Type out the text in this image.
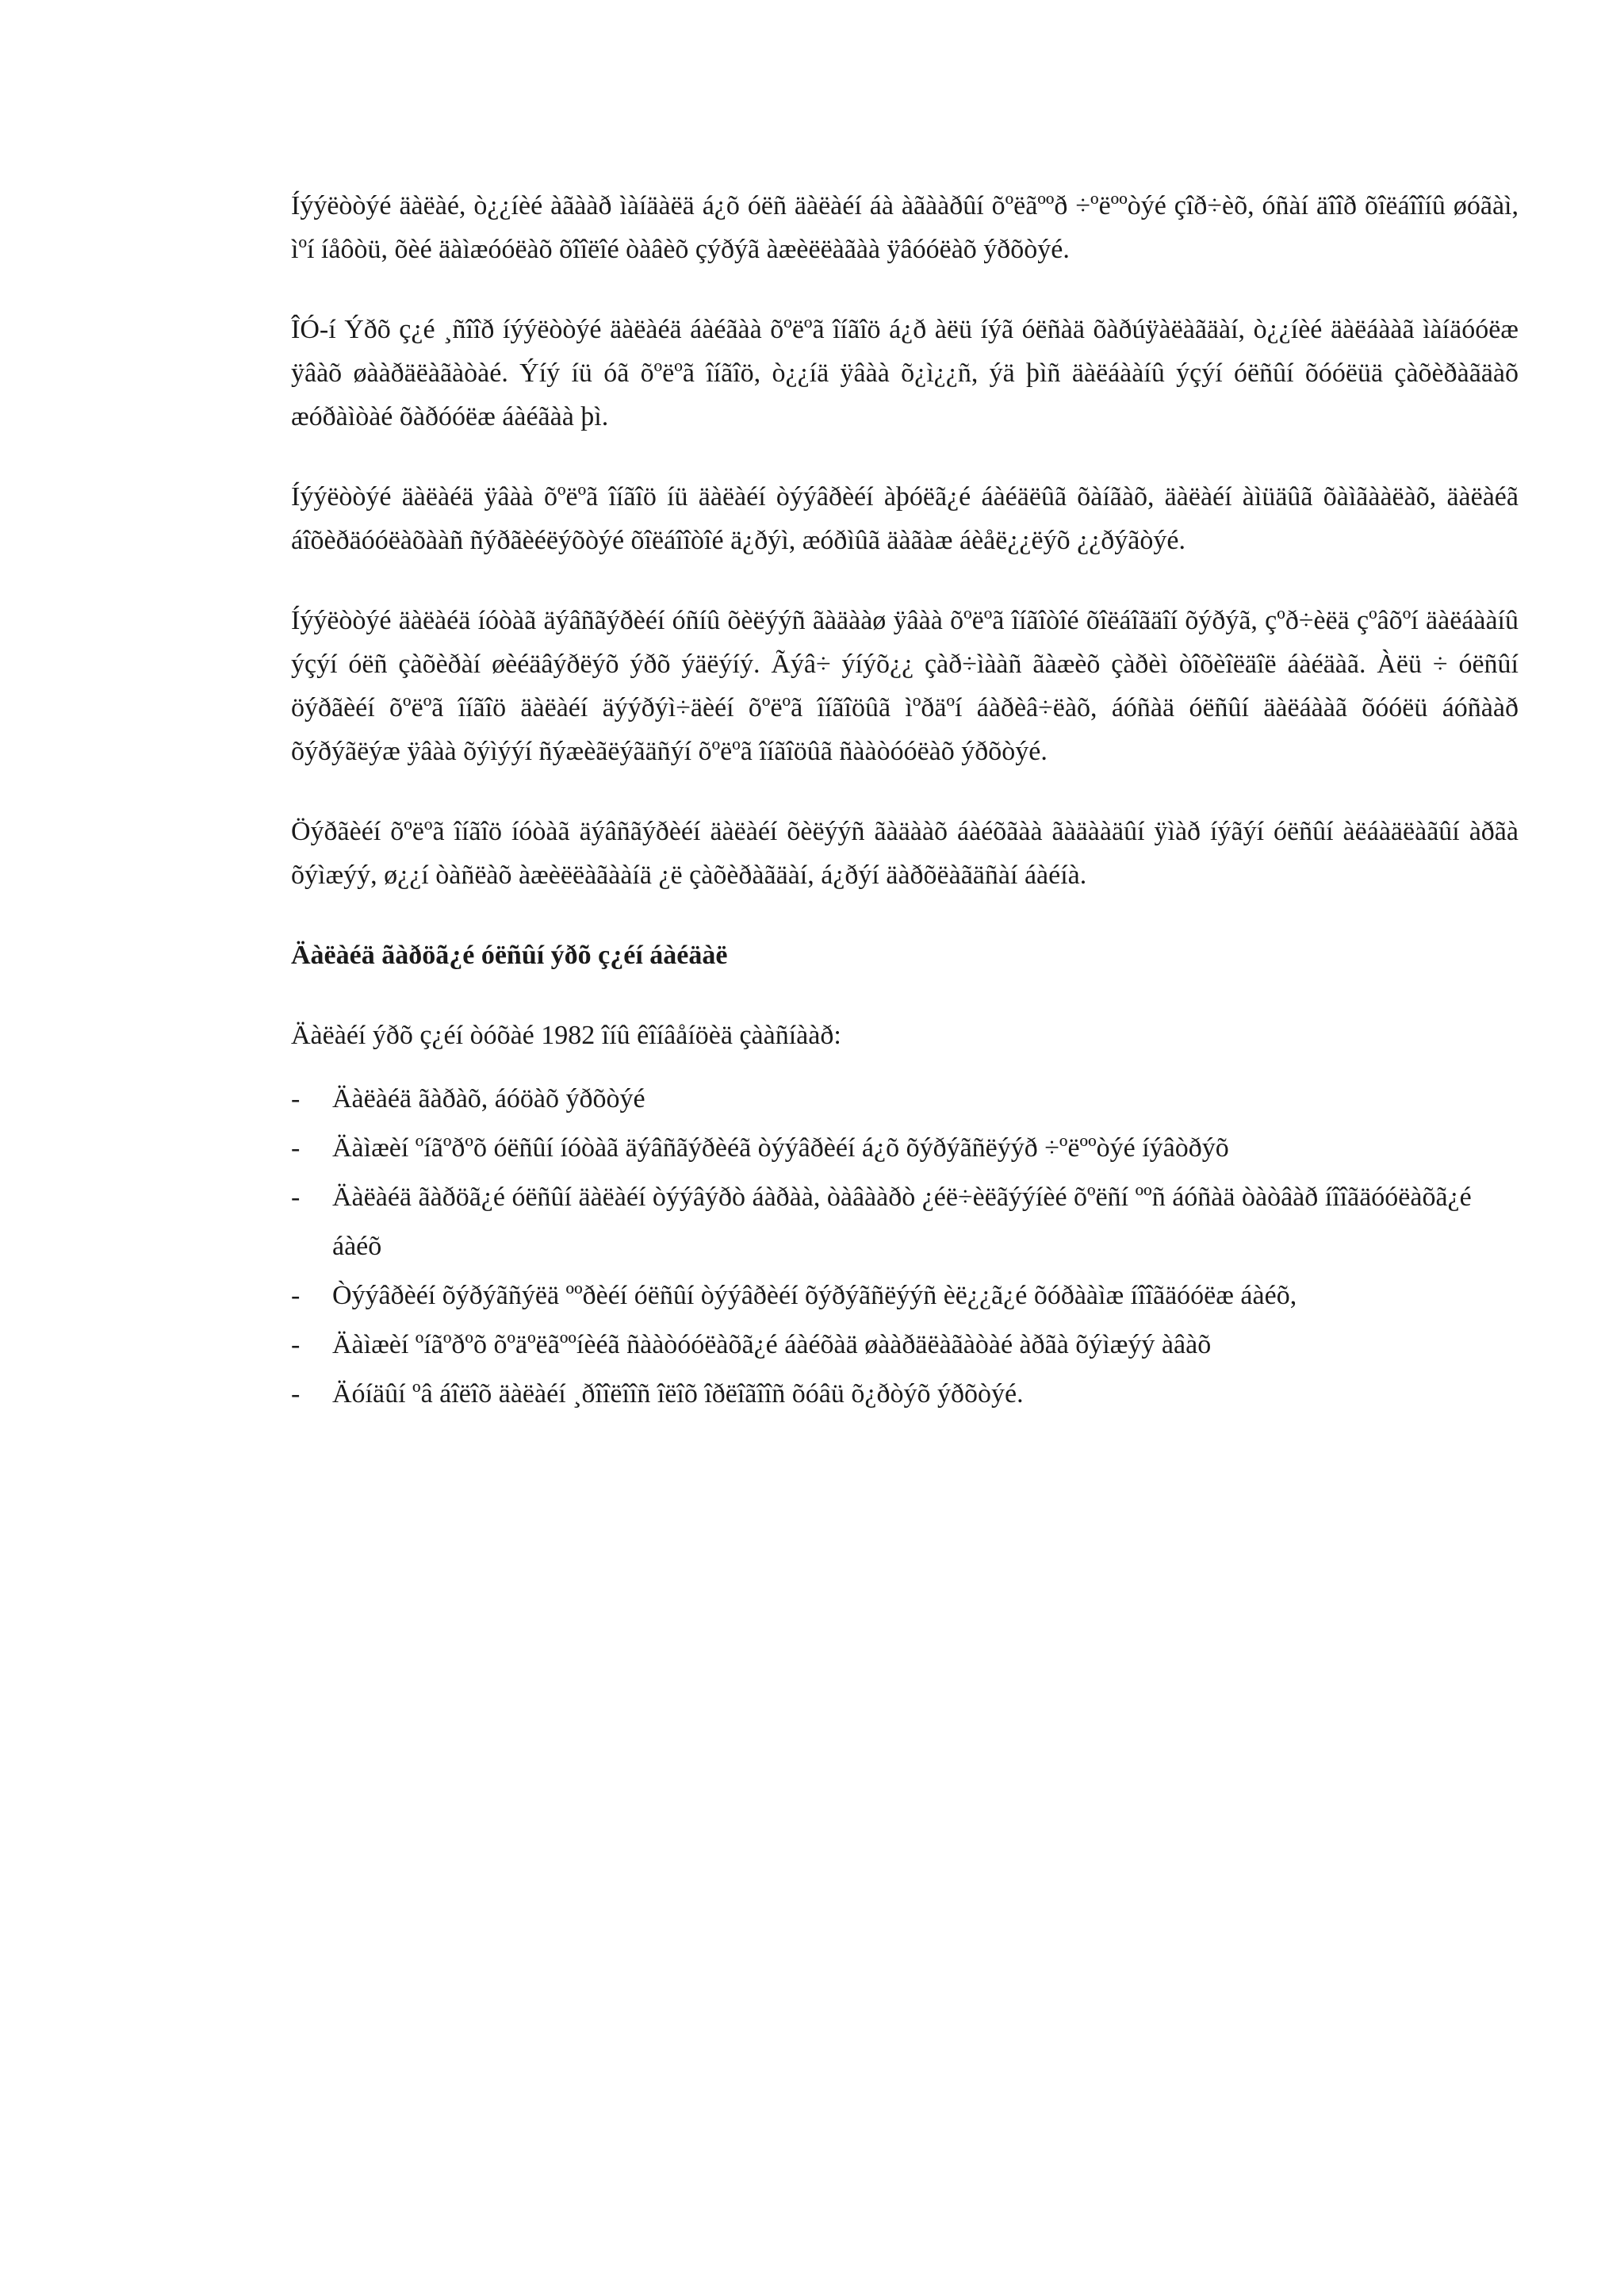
Íýýëòòýé äàëàé, ò¿¿íèé àãààð ìàíäàëä á¿õ óëñ äàëàéí áà àãààðûí õºëãººð ÷ºëººòýé çîð÷èõ, óñàí äîîð õîëáîîíû øóãàì, ìºí íåôòü, õèé äàìæóóëàõ õîîëîé òàâèõ çýðýã àæèëëàãàà ÿâóóëàõ ýðõòýé.

ÎÓ-í Ýðõ ç¿é ¸ñîîð íýýëòòýé äàëàéä áàéãàà õºëºã îíãîö á¿ð àëü íýã óëñàä õàðúÿàëàãäàí, ò¿¿íèé äàëáààã ìàíäóóëæ ÿâàõ øààðäëàãàòàé. Ýíý íü óã õºëºã îíãîö, ò¿¿íä ÿâàà õ¿ì¿¿ñ, ýä þìñ äàëáààíû ýçýí óëñûí õóóëüä çàõèðàãäàõ æóðàìòàé õàðóóëæ áàéãàà þì.

Íýýëòòýé äàëàéä ÿâàà õºëºã îíãîö íü äàëàéí òýýâðèéí àþóëã¿é áàéäëûã õàíãàõ, äàëàéí àìüäûã õàìãààëàõ, äàëàéã áîõèðäóóëàõààñ ñýðãèéëýõòýé õîëáîîòîé ä¿ðýì, æóðìûã äàãàæ áèåë¿¿ëýõ ¿¿ðýãòýé.

Íýýëòòýé äàëàéä íóòàã äýâñãýðèéí óñíû õèëýýñ ãàäààø ÿâàà õºëºã îíãîòîé õîëáîãäîí õýðýã, çºð÷èëä çºâõºí äàëáààíû ýçýí óëñ çàõèðàí øèéäâýðëýõ ýðõ ýäëýíý. Ãýâ÷ ýíýõ¿¿ çàð÷ìààñ ãàæèõ çàðèì òîõèîëäîë áàéäàã. Àëü ÷ óëñûí öýðãèéí õºëºã îíãîö äàëàéí äýýðýì÷äèéí õºëºã îíãîöûã ìºðäºí áàðèâ÷ëàõ, áóñàä óëñûí äàëáààã õóóëü áóñààð õýðýãëýæ ÿâàà õýìýýí ñýæèãëýãäñýí õºëºã îíãîöûã ñààòóóëàõ ýðõòýé.

Öýðãèéí õºëºã îíãîö íóòàã äýâñãýðèéí äàëàéí õèëýýñ ãàäààõ áàéõãàà ãàäààäûí ÿìàð íýãýí óëñûí àëáàäëàãûí àðãà õýìæýý, ø¿¿í òàñëàõ àæèëëàãààíä ¿ë çàõèðàãäàí, á¿ðýí äàðõëàãäñàí áàéíà.

Äàëàéä ãàðöã¿é óëñûí ýðõ ç¿éí áàéäàë

Äàëàéí ýðõ ç¿éí òóõàé 1982 îíû êîíâåíöèä çààñíààð:

- Äàëàéä ãàðàõ, áóöàõ ýðõòýé
- Äàìæèí ºíãºðºõ óëñûí íóòàã äýâñãýðèéã òýýâðèéí á¿õ õýðýãñëýýð ÷ºëººòýé íýâòðýõ
- Äàëàéä ãàðöã¿é óëñûí äàëàéí òýýâýðò áàðàà, òàâààðò ¿éë÷èëãýýíèé õºëñí ººñ áóñàä òàòâàð íîîãäóóëàõã¿é áàéõ
- Òýýâðèéí õýðýãñýëä ººðèéí óëñûí òýýâðèéí õýðýãñëýýñ èë¿¿ã¿é õóðààìæ íîîãäóóëæ áàéõ,
- Äàìæèí ºíãºðºõ õºäºëãººíèéã ñààòóóëàõã¿é áàéõàä øààðäëàãàòàé àðãà õýìæýý àâàõ
- Äóíäûí ºâ áîëîõ äàëàéí ¸ðîîëîîñ îëîõ îðëîãîîñ õóâü õ¿ðòýõ ýðõòýé.
